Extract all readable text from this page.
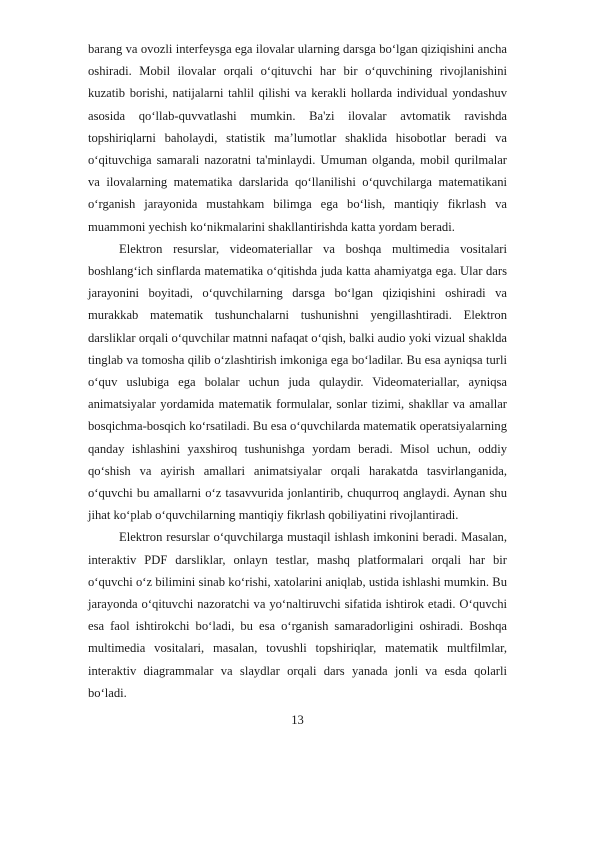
barang va ovozli interfeysga ega ilovalar ularning darsga bo‘lgan qiziqishini ancha oshiradi. Mobil ilovalar orqali o‘qituvchi har bir o‘quvchining rivojlanishini kuzatib borishi, natijalarni tahlil qilishi va kerakli hollarda individual yondashuv asosida qo‘llab-quvvatlashi mumkin. Ba'zi ilovalar avtomatik ravishda topshiriqlarni baholaydi, statistik ma’lumotlar shaklida hisobotlar beradi va o‘qituvchiga samarali nazoratni ta'minlaydi. Umuman olganda, mobil qurilmalar va ilovalarning matematika darslarida qo‘llanilishi o‘quvchilarga matematikani o‘rganish jarayonida mustahkam bilimga ega bo‘lish, mantiqiy fikrlash va muammoni yechish ko‘nikmalarini shakllantirishda katta yordam beradi.

Elektron resurslar, videomateriallar va boshqa multimedia vositalari boshlang‘ich sinflarda matematika o‘qitishda juda katta ahamiyatga ega. Ular dars jarayonini boyitadi, o‘quvchilarning darsga bo‘lgan qiziqishini oshiradi va murakkab matematik tushunchalarni tushunishni yengillashtiradi. Elektron darsliklar orqali o‘quvchilar matnni nafaqat o‘qish, balki audio yoki vizual shaklda tinglab va tomosha qilib o‘zlashtirish imkoniga ega bo‘ladilar. Bu esa ayniqsa turli o‘quv uslubiga ega bolalar uchun juda qulaydir. Videomateriallar, ayniqsa animatsiyalar yordamida matematik formulalar, sonlar tizimi, shakllar va amallar bosqichma-bosqich ko‘rsatiladi. Bu esa o‘quvchilarda matematik operatsiyalarning qanday ishlashini yaxshiroq tushunishga yordam beradi. Misol uchun, oddiy qo‘shish va ayirish amallari animatsiyalar orqali harakatda tasvirlanganida, o‘quvchi bu amallarni o‘z tasavvurida jonlantirib, chuqurroq anglaydi. Aynan shu jihat ko‘plab o‘quvchilarning mantiqiy fikrlash qobiliyatini rivojlantiradi.

Elektron resurslar o‘quvchilarga mustaqil ishlash imkonini beradi. Masalan, interaktiv PDF darsliklar, onlayn testlar, mashq platformalari orqali har bir o‘quvchi o‘z bilimini sinab ko‘rishi, xatolarini aniqlab, ustida ishlashi mumkin. Bu jarayonda o‘qituvchi nazoratchi va yo‘naltiruvchi sifatida ishtirok etadi. O‘quvchi esa faol ishtirokchi bo‘ladi, bu esa o‘rganish samaradorligini oshiradi. Boshqa multimedia vositalari, masalan, tovushli topshiriqlar, matematik multfilmlar, interaktiv diagrammalar va slaydlar orqali dars yanada jonli va esda qolarli bo‘ladi.

13
